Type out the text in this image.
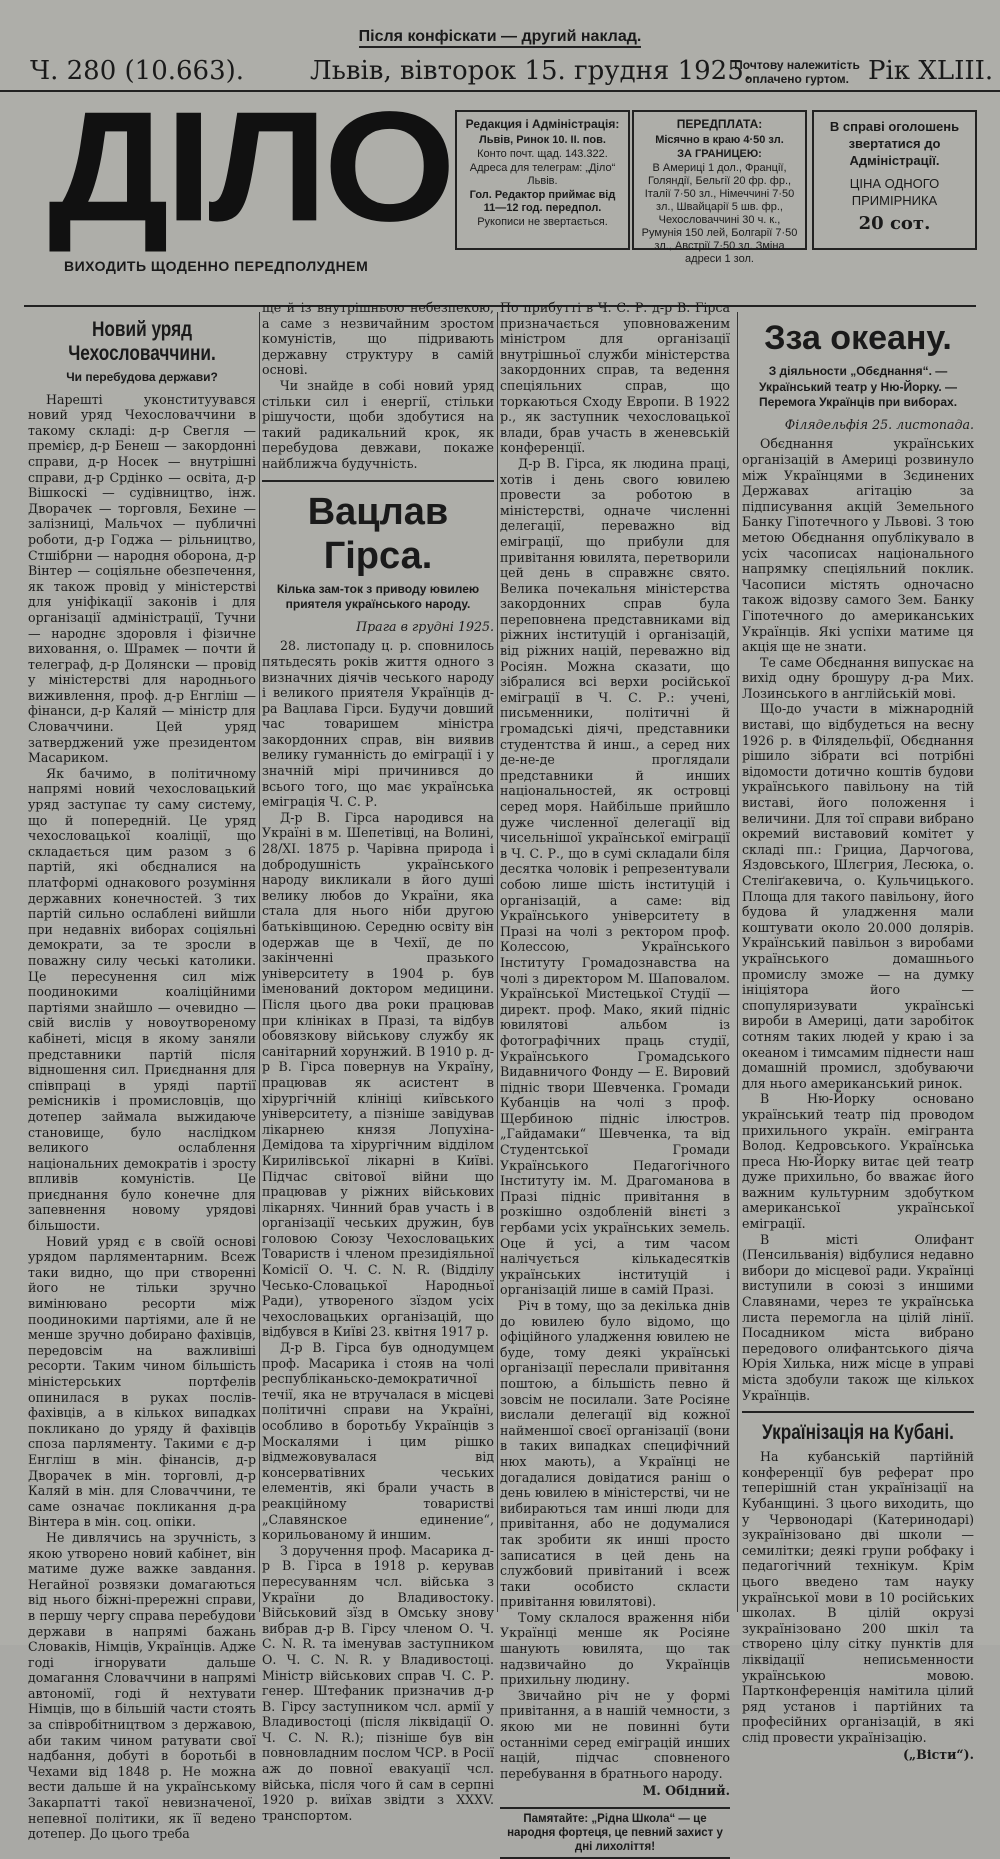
Після конфіскати — другий наклад.
Ч. 280 (10.663).	Львів, вівторок 15. грудня 1925.
Почтову належитість оплачено гуртом. Рік XLIII.
ДІЛО
ВИХОДИТЬ ЩОДЕННО ПЕРЕДПОЛУДНЕМ
Редакция і Адміністрація:
Львів, Ринок 10. II. пов.
Конто почт. щад. 143.322.
Адреса для телеграм: „Діло“ Львів.
Гол. Редактор приймає від 11—12 год. передпол.
Рукописи не звертається.
ПЕРЕДПЛАТА:
Місячно в краю 4·50 зл.
ЗА ГРАНИЦЕЮ:
В Америці 1 дол., Франції, Голяндії, Бельгії 20 фр. фр., Італії 7·50 зл., Німеччині 7·50 зл., Швайцарії 5 шв. фр., Чехословаччині 30 ч. к., Румунія 150 лей, Болгарії 7·50 зл., Австрії 7·50 зл. Зміна адреси 1 зол.
В справі оголошень звертатися до Адміністрації.
ЦІНА ОДНОГО ПРИМІРНИКА
20 сот.
Новий уряд Чехословаччини.
Чи перебудова держави?

Нарешті уконституувався новий уряд Чехословаччини в такому складі: д-р Свегля — премієр, д-р Бенеш — закордонні справи, д-р Носек — внутрішні справи, д-р Срдінко — освіта, д-р Вішкоскі — судівництво, інж. Дворачек — торговля, Бехине — залізниці, Мальчох — публичні роботи, д-р Годжа — рільництво, Стшібрни — народня оборона, д-р Вінтер — соціяльне обезпечення, як також провід у міністерстві для уніфікації законів і для організації адміністрації, Тучни — народнє здоровля і фізичне виховання, о. Шрамек — почти й телеграф, д-р Долянски — провід у міністерстві для народнього виживлення, проф. д-р Енгліш — фінанси, д-р Каляй — міністр для Словаччини. Цей уряд затверджений уже президентом Масариком.

Як бачимо, в політичному напрямі новий чехословацький уряд заступає ту саму систему, що й попередній. Це уряд чехословацької коаліції, що складається цим разом з 6 партій, які обєдналися на платформі однакового розуміння державних конечностей. З тих партій сильно ослаблені вийшли при недавніх виборах соціяльні демократи, за те зросли в поважну силу чеські католики. Це пересунення сил між поодинокими коаліційними партіями знайшло — очевидно — свій вислів у новоутвореному кабінеті, місця в якому заняли представники партій після відношення сил. Приєднання для співпраці в уряді партії ремісників і промисловців, що дотепер займала выжидаюче становище, було наслідком великого ослаблення національних демократів і зросту впливів комуністів. Це приєднання було конечне для запевнення новому урядові більшости.

Новий уряд є в своїй основі урядом парляментарним. Всеж таки видно, що при створенні його не тільки зручно вимінювано ресорти між поодинокими партіями, але й не менше зручно добирано фахівців, передовсім на важливіші ресорти. Таким чином більшість міністерських портфелів опинилася в руках послів-фахівців, а в кількох випадках покликано до уряду й фахівців споза парляменту. Такими є д-р Енгліш в мін. фінансів, д-р Дворачек в мін. торговлі, д-р Каляй в мін. для Словаччини, те саме означає покликання д-ра Вінтера в мін. соц. опіки.

Не дивлячись на зручність, з якою утворено новий кабінет, він матиме дуже важке завдання. Негайної розвязки домагаються від нього біжні-прережні справи, в першу чергу справа перебудови держави в напрямі бажань Словаків, Німців, Українців. Адже годі ігнорувати дальше домагання Словаччини в напрямі автономії, годі й нехтувати Німців, що в більшій части стоять за співробітництвом з державою, аби таким чином ратувати свої надбання, добуті в боротьбі в Чехами від 1848 р. Не можна вести дальше й на українському Закарпатті такої невизначеної, непевної політики, як її ведено дотепер. До цього треба

ще й із внутрішньою небезпекою, а саме з незвичайним зростом комуністів, що підривають державну структуру в самій основі.

Чи знайде в собі новий уряд стільки сил і енергії, стільки рішучости, щоби здобутися на такий радикальний крок, як перебудова девжави, покаже найближча будучність.

Вацлав Гірса.
Кілька зам-ток з приводу ювилею приятеля українського народу.
Прага в грудні 1925.

28. листопаду ц. р. сповнилось пятьдесять років життя одного з визначних діячів чеського народу і великого приятеля Українців д-ра Вацлава Гірси. Будучи довший час товаришем міністра закордонних справ, він виявив велику гуманність до еміграції і у значній мірі причинився до всього того, що має українська еміграція Ч. С. Р.

Д-р В. Гірса народився на Україні в м. Шепетівці, на Волині, 28/XI. 1875 р. Чарівна природа і добродушність українського народу викликали в його душі велику любов до України, яка стала для нього ніби другою батьківщиною. Середню освіту він одержав ще в Чехії, де по закінченні празького університету в 1904 р. був іменований доктором медицини. Після цього два роки працював при клініках в Празі, та відбув обовязкову військову службу як санітарний хорунжий. В 1910 р. д-р В. Гірса повернув на Україну, працював як асистент в хірургічній клініці київського університету, а пізніше завідував лікарнею князя Лопухіна-Демідова та хірургічним відділом Кирилівської лікарні в Київі. Підчас світової війни що працював у ріжних військових лікарнях. Чинний брав участь і в організації чеських дружин, був головою Союзу Чехословацьких Товариств і членом президіяльної Комісії О. Ч. С. N. R. (Відділу Чесько-Словацької Народньої Ради), утвореного зїздом усіх чехословацьких організацій, що відбувся в Київі 23. квітня 1917 р.

Д-р В. Гірса був однодумцем проф. Масарика і стояв на чолі республіканьско-демократичної течії, яка не втручалася в місцеві політичні справи на Україні, особливо в боротьбу Українців з Москалями і цим рішко відмежовувалася від консерватівних чеських елементів, які брали участь в реакційному товаристві „Славянское единение“, корильованому й иншим.

З доручення проф. Масарика д-р В. Гірса в 1918 р. керував пересуванням чсл. війська з України до Владивостоку. Військовий зїзд в Омську знову вибрав д-р В. Гірсу членом О. Ч. С. N. R. та іменував заступником О. Ч. С. N. R. у Владивостоці. Міністр військових справ Ч. С. Р. генер. Штефаник призначив д-р В. Гірсу заступником чсл. армії у Владивостоці (після ліквідації О. Ч. С. N. R.); пізніше був він повновладним послом ЧСР. в Росії аж до повної евакуації чсл. війська, після чого й сам в серпні 1920 р. виїхав звідти з XXXV. транспортом.

По прибутті в Ч. С. Р. д-р В. Гірса призначається уповноваженим міністром для організації внутрішньої служби міністерства закордонних справ, та ведення спеціяльних справ, що торкаються Сходу Европи. В 1922 р., як заступник чехословацької влади, брав участь в женевській конференції.

Д-р В. Гірса, як людина праці, хотів і день свого ювилею провести за роботою в міністерстві, одначе численні делегації, переважно від еміграції, що прибули для привітання ювилята, перетворили цей день в справжнє свято. Велика почекальня міністерства закордонних справ була переповнена представниками від ріжних інституцій і організацій, від ріжних націй, переважно від Росіян. Можна сказати, що зібралися всі верхи російської еміграції в Ч. С. Р.: учені, письменники, політичні й громадські діячі, представники студентства й инш., а серед них де-не-де проглядали представники й инших національностей, як островці серед моря. Найбільше прийшло дуже численної делегації від чисельнішої української еміграції в Ч. С. Р., що в сумі складали біля десятка чоловік і репрезентували собою лише шість інституцій і організацій, а саме: від Українського університету в Празі на чолі з ректором проф. Колессою, Українського Інституту Громадознавства на чолі з директором М. Шаповалом. Української Мистецької Студії — директ. проф. Мако, який підніс ювилятові альбом із фотографічних праць студії, Українського Громадського Видавничого Фонду — Е. Вировий підніс твори Шевченка. Громади Кубанців на чолі з проф. Щербиною підніс ілюстров. „Гайдамаки“ Шевченка, та від Студентської Громади Українського Педагогічного Інституту ім. М. Драгоманова в Празі підніс привітання в розкішно оздобленій вінєті з гербами усіх українських земель. Оце й усі, а тим часом налічується кількадесятків українських інституцій і організацій лише в самій Празі.

Річ в тому, що за декілька днів до ювилею було відомо, що офіційного уладження ювилею не буде, тому деякі українські організації переслали привітання поштою, а більшість певно й зовсім не посилали. Зате Росіяне вислали делегації від кожної найменшої своєї організації (вони в таких випадках специфічний нюх мають), а Українці не догадалися довідатися раніш о день ювилею в міністерстві, чи не вибираються там инші люди для привітання, або не додумалися так зробити як инші просто записатися в цей день на службовий привітаний і всеж таки особисто скласти привітання ювилятові).

Тому склалося враження ніби Українці менше як Росіяне шанують ювилята, що так надзвичайно до Українців прихильну людину.

Звичайно річ не у формі привітання, а в нашій чемности, з якою ми не повинні бути останніми серед еміграцій инших націй, підчас сповненого перебування в братнього народу.

М. Обідний.
Памятайте: „Рідна Школа“ — це народня фортеця, це певний захист у дні лихоліття!
Зза океану.
З діяльности „Обєднання“. — Український театр у Ню-Йорку. — Перемога Українців при виборах.
Філядельфія 25. листопада.

Обєднання українських організацій в Америці розвинуло між Українцями в Зєдинених Державах агітацію за підписування акцій Земельного Банку Гіпотечного у Львові. З тою метою Обєднання опублікувало в усіх часописах національного напрямку спеціяльний поклик. Часописи містять одночасно також відозву самого Зем. Банку Гіпотечного до американських Українців. Які успіхи матиме ця акція ще не знати.

Те саме Обєднання випускає на вихід одну брошуру д-ра Мих. Лозинського в англійській мові.

Що-до участи в міжнародній виставі, що відбудеться на весну 1926 р. в Філядельфії, Обєднання рішило зібрати всі потрібні відомости дотично коштів будови українського павільону на тій виставі, його положення і величини. Для тої справи вибрано окремий виставовий комітет у складі пп.: Грициа, Дарчогова, Яздовського, Шлєгрия, Лесюка, о. Стеліґакевича, о. Кульчицького. Площа для такого павільону, його будова й уладження мали коштувати около 20.000 долярів. Український павільон з виробами українського домашнього промислу зможе — на думку ініціятора його — спопуляризувати українські вироби в Америці, дати заробіток сотням таких людей у краю і за океаном і тимсамим піднести наш домашній промисл, здобуваючи для нього американський ринок.

В Ню-Йорку основано український театр під проводом прихильного україн. емігранта Волод. Кедровського. Українська преса Ню-Йорку витає цей театр дуже прихильно, бо вважає його важним культурним здобутком американської української еміграції.

В місті Олифант (Пенсильванія) відбулися недавно вибори до місцевої ради. Українці виступили в союзі з иншими Славянами, через те українська листа перемогла на цілій лінії. Посадником міста вибрано передового олифантського діяча Юрія Хилька, ниж місце в управі міста здобули також ще кількох Українців.

Українізація на Кубані.

На кубанській партійній конференції був реферат про теперішній стан українізації на Кубанщині. З цього виходить, що у Червонодарі (Катеринодарі) зукраїнізовано дві школи — семилітки; деякі групи робфаку і педагогічний технікум. Крім цього введено там науку української мови в 10 російських школах. В цілій окрузі зукраїнізовано 200 шкіл та створено цілу сітку пунктів для ліквідації неписьменности українською мовою. Партконференція намітила цілий ряд установ і партійних та професійних організацій, в які слід провести українізацію.

(„Вісти“).
